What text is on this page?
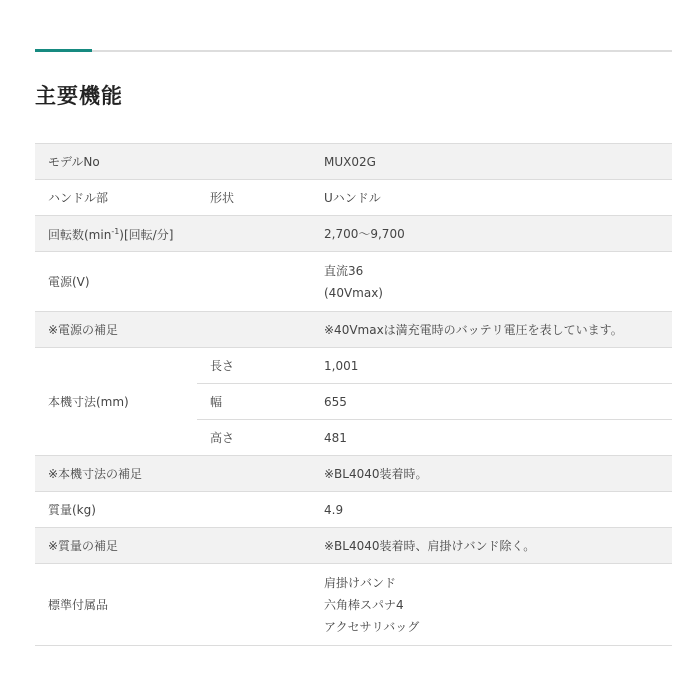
主要機能
モデルNo		MUX02G
ハンドル部	形状	Uハンドル
回転数$(\min^{-1})$[回転/分]		2,700〜9,700
電源(V)		直流36
(40Vmax)

※電源の補足		※40Vmaxは満充電時のバッテリ電圧を表しています。
本機寸法(mm)	長さ	1,001
	幅	655
	高さ	481
※本機寸法の補足		※BL4040装着時。
質量(kg)		4.9
※質量の補足		※BL4040装着時、肩掛けバンド除く。
標準付属品		肩掛けバンド
六角棒スパナ4
アクセサリバッグ
